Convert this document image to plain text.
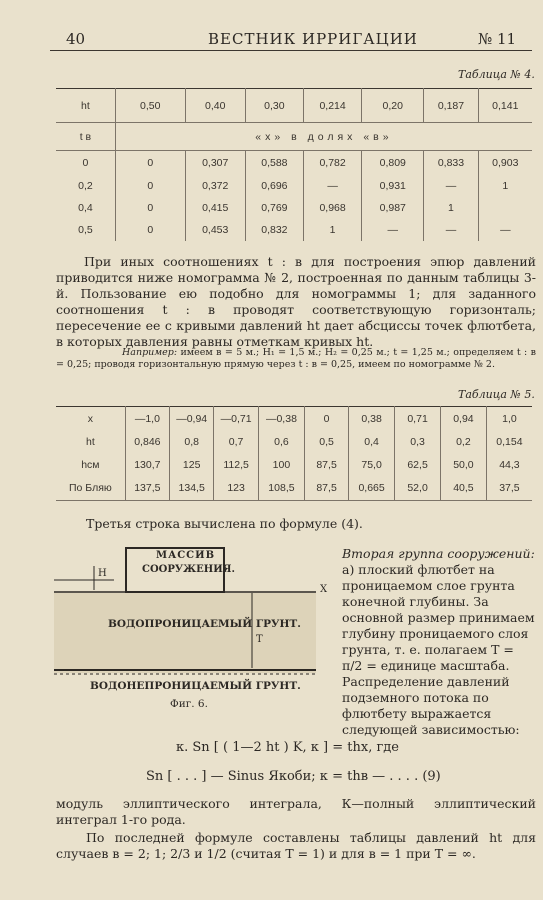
40	ВЕСТНИК ИРРИГАЦИИ	№ 11
Таблица № 4.
ht	0,50	0,40	0,30	0,214	0,20	0,187	0,141
t в	«х» в долях «в»						
0	0	0,307	0,588	0,782	0,809	0,833	0,903
0,2	0	0,372	0,696	—	0,931	—	1
0,4	0	0,415	0,769	0,968	0,987	1	
0,5	0	0,453	0,832	1	—	—	—
При иных соотношениях t : в для построения эпюр давлений приводится ниже номограмма № 2, построенная по данным таблицы 3-й. Пользование ею подобно для номограммы 1; для заданного соотношения t : в проводят соответствующую горизонталь; пересечение ее с кривыми давлений ht дает абсциссы точек флютбета, в которых давления равны отметкам кривых ht.
Например: имеем в = 5 м.; H₁ = 1,5 м.; H₂ = 0,25 м.; t = 1,25 м.; определяем t : в = 0,25; проводя горизонтальную прямую через t : в = 0,25, имеем по номограмме № 2.
Таблица № 5.
x	—1,0	—0,94	—0,71	—0,38	0	0,38	0,71	0,94	1,0
ht	0,846	0,8	0,7	0,6	0,5	0,4	0,3	0,2	0,154
hсм	130,7	125	112,5	100	87,5	75,0	62,5	50,0	44,3
По Бляю	137,5	134,5	123	108,5	87,5	0,665	52,0	40,5	37,5
Третья строка вычислена по формуле (4).
МАССИВ
СООРУЖЕНИЯ.
Н
X
ВОДОПРОНИЦАЕМЫЙ ГРУНТ.
T
ВОДОНЕПРОНИЦАЕМЫЙ ГРУНТ.
Фиг. 6.
Вторая группа сооружений: а) плоский флютбет на проницаемом слое грунта конечной глубины. За основной размер принимаем глубину проницаемого слоя грунта, т. е. полагаем T = π/2 = единице масштаба. Распределение давлений подземного потока по флютбету выражается следующей зависимостью:
к. Sn [ ( 1—2 ht ) K, к ] = thx, где
Sn [ . . . ] — Sinus Якоби; к = thв — . . . . (9)
модуль эллиптического интеграла, К—полный эллиптический интеграл 1-го рода.
По последней формуле составлены таблицы давлений ht для случаев в = 2; 1; 2/3 и 1/2 (считая T = 1) и для в = 1 при T = ∞.
